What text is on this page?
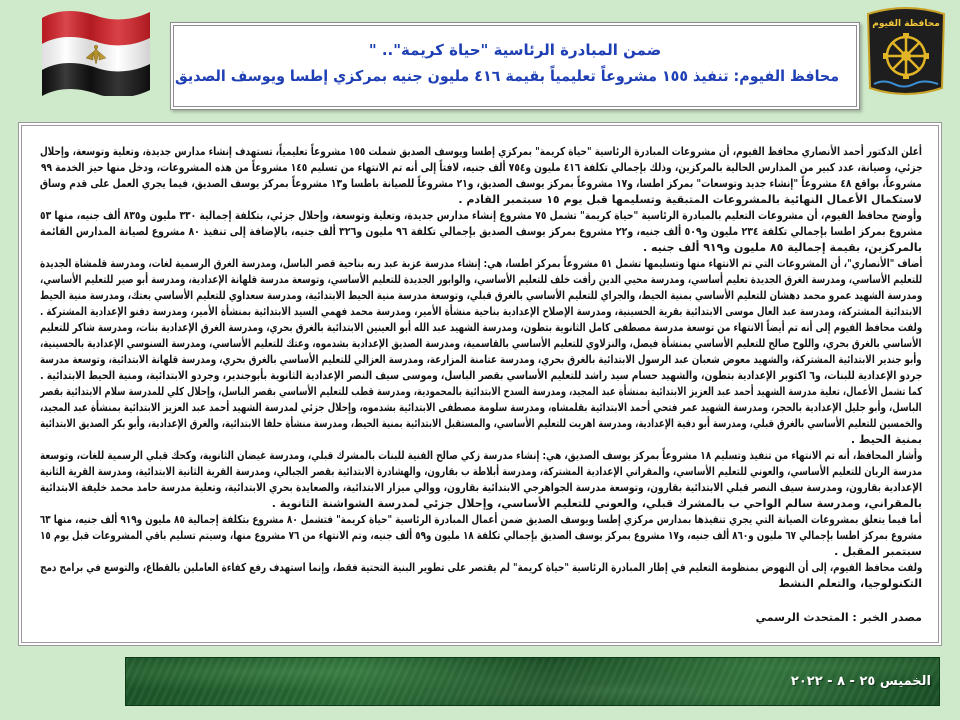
محافظة الفيوم
ضمن المبادرة الرئاسية "حياة كريمة".. "
محافظ الفيوم: تنفيذ ١٥٥ مشروعاً تعليمياً بقيمة ٤١٦ مليون جنيه بمركزي إطسا ويوسف الصديق
أعلن الدكتور أحمد الأنصاري محافظ الفيوم، أن مشروعات المبادرة الرئاسية "حياة كريمة" بمركزي إطسا ويوسف الصديق شملت ١٥٥ مشروعاً تعليمياً، تستهدف إنشاء مدارس جديدة، وتعلية وتوسعة، وإحلال
جزئي، وصيانة، عدد كبير من المدارس الحالية بالمركزين، وذلك بإجمالي تكلفة ٤١٦ مليون و٧٥٤ ألف جنيه، لافتاً إلى أنه تم الانتهاء من تسليم ١٤٥ مشروعاً من هذه المشروعات، ودخل منها حيز الخدمة ٩٩
مشروعاً، بواقع ٤٨ مشروعاً "إنشاء جديد وتوسعات" بمركز اطسا، و١٧ مشروعاً بمركز يوسف الصديق، و٢١ مشروعاً للصيانة باطسا و١٣ مشروعاً بمركز يوسف الصديق، فيما يجري العمل على قدم وساق
لاستكمال الأعمال النهائية بالمشروعات المتبقية وتسليمها قبل يوم ١٥ سبتمبر القادم .
وأوضح محافظ الفيوم، أن مشروعات التعليم بالمبادرة الرئاسية "حياة كريمة" تشمل ٧٥ مشروع إنشاء مدارس جديدة، وتعلية وتوسعة، وإحلال جزئي، بتكلفة إجمالية ٣٣٠ مليون و٨٣٥ ألف جنيه، منها ٥٣
مشروع بمركز اطسا بإجمالي تكلفة ٢٣٤ مليون و٥٠٩ ألف جنيه، و٢٢ مشروع بمركز يوسف الصديق بإجمالي تكلفة ٩٦ مليون و٣٢٦ ألف جنيه، بالإضافة إلى تنفيذ ٨٠ مشروع لصيانة المدارس القائمة
بالمركزين، بقيمة إجمالية ٨٥ مليون و٩١٩ ألف جنيه .
أضاف "الأنصاري"، أن المشروعات التي تم الانتهاء منها وتسليمها تشمل ٥١ مشروعاً بمركز اطسا، هي: إنشاء مدرسة عزبة عبد ربه بناحية قصر الباسل، ومدرسة الغرق الرسمية لغات، ومدرسة قلمشاة الجديدة
للتعليم الأساسي، ومدرسة الغرق الجديدة تعليم أساسي، ومدرسة محيي الدين رأفت خلف للتعليم الأساسي، والوابور الجديدة للتعليم الأساسي، وتوسعة مدرسة قلهانة الإعدادية، ومدرسة أبو صير للتعليم الأساسي،
ومدرسة الشهيد عمرو محمد دهشان للتعليم الأساسي بمنية الحيط، والجراي للتعليم الأساسي بالغرق قبلي، وتوسعة مدرسة منية الحيط الابتدائية، ومدرسة سعداوي للتعليم الأساسي بعتك، ومدرسة منية الحيط
الابتدائية المشتركة، ومدرسة عبد العال موسى الابتدائية بقرية الحسينية، ومدرسة الإصلاح الإعدادية بناحية منشأة الأمير، ومدرسة محمد فهمي السيد الابتدائية بمنشأة الأمير، ومدرسة دفنو الإعدادية المشتركة .
ولفت محافظ الفيوم إلى أنه تم أيضاً الانتهاء من توسعة مدرسة مصطفى كامل الثانوية بتطون، ومدرسة الشهيد عبد الله أبو العينين الابتدائية بالغرق بحري، ومدرسة الغرق الإعدادية بنات، ومدرسة شاكر للتعليم
الأساسي بالغرق بحري، واللوح صالح للتعليم الأساسي بمنشأة فيصل، والنزلاوي للتعليم الأساسي بالقاسمية، ومدرسة الصديق الإعدادية بشدموه، وعتك للتعليم الأساسي، ومدرسة السنوسي الإعدادية بالحسينية،
وأبو جندير الابتدائية المشتركة، والشهيد معوض شعبان عبد الرسول الابتدائية بالغرق بحري، ومدرسة عتامنة المزارعة، ومدرسة العزالي للتعليم الأساسي بالغرق بحري، ومدرسة قلهانة الابتدائية، وتوسعة مدرسة
جردو الإعدادية للبنات، و٦ اكتوبر الإعدادية بتطون، والشهيد حسام سيد راشد للتعليم الأساسي بقصر الباسل، وموسى سيف النصر الإعدادية الثانوية بأبوجندير، وجردو الابتدائية، ومنية الحيط الابتدائية .
كما تشمل الأعمال، تعلية مدرسة الشهيد أحمد عبد العزيز الابتدائية بمنشأة عبد المجيد، ومدرسة السدح الابتدائية بالمحمودية، ومدرسة قطب للتعليم الأساسي بقصر الباسل، وإحلال كلي للمدرسة سلام الابتدائية بقصر
الباسل، وأبو جليل الإعدادية بالحجر، ومدرسة الشهيد عمر فتحي أحمد الابتدائية بقلمشاه، ومدرسة سلومة مصطفى الابتدائية بشدموه، وإحلال جزئي لمدرسة الشهيد أحمد عبد العزيز الابتدائية بمنشأة عبد المجيد،
والخمسين للتعليم الأساسي بالغرق قبلي، ومدرسة أبو دفية الإعدادية، ومدرسة اهريت للتعليم الأساسي، والمستقبل الابتدائية بمنية الحيط، ومدرسة منشأة حلفا الابتدائية، والغرق الإعدادية، وأبو بكر الصديق الابتدائية
بمنية الحيط .
وأشار المحافظ، أنه تم الانتهاء من تنفيذ وتسليم ١٨ مشروعاً بمركز يوسف الصديق، هي: إنشاء مدرسة زكي صالح الفنية للبنات بالمشرك قبلي، ومدرسة غيضان الثانوية، وكحك قبلي الرسمية للغات، وتوسعة
مدرسة الريان للتعليم الأساسي، والعوني للتعليم الأساسي، والمقراني الإعدادية المشتركة، ومدرسة أبلاطة ب بقارون، والهشادرة الابتدائية بقصر الجبالي، ومدرسة القرية الثانية الابتدائية، ومدرسة القرية الثانية
الإعدادية بقارون، ومدرسة سيف النصر قبلي الابتدائية بقارون، وتوسعة مدرسة الجواهرجي الابتدائية بقارون، ووالي ميزار الابتدائية، والصعايدة بحري الابتدائية، وتعلية مدرسة حامد محمد خليفة الابتدائية
بالمقراني، ومدرسة سالم الواحي ب بالمشرك قبلي، والعوني للتعليم الأساسي، وإحلال جزئي لمدرسة الشواشنة الثانوية .
أما فيما يتعلق بمشروعات الصيانة التي يجري تنفيذها بمدارس مركزي إطسا ويوسف الصديق ضمن أعمال المبادرة الرئاسية "حياة كريمة" فتشمل ٨٠ مشروع بتكلفة إجمالية ٨٥ مليون و٩١٩ ألف جنيه، منها ٦٣
مشروع بمركز اطسا بإجمالي ٦٧ مليون و٨٦٠ ألف جنيه، و١٧ مشروع بمركز يوسف الصديق بإجمالي تكلفة ١٨ مليون و٥٩ ألف جنيه، وتم الانتهاء من ٧٦ مشروع منها، وسيتم تسليم باقي المشروعات قبل يوم ١٥
سبتمبر المقبل .
ولفت محافظ الفيوم، إلى أن النهوض بمنظومة التعليم في إطار المبادرة الرئاسية "حياة كريمة" لم يقتصر على تطوير البنية التحتية فقط، وإنما استهدف رفع كفاءة العاملين بالقطاع، والتوسع في برامج دمج
التكنولوجيا، والتعلم النشط
مصدر الخبر : المتحدث الرسمي
الخميس ٢٥ - ٨ - ٢٠٢٢
